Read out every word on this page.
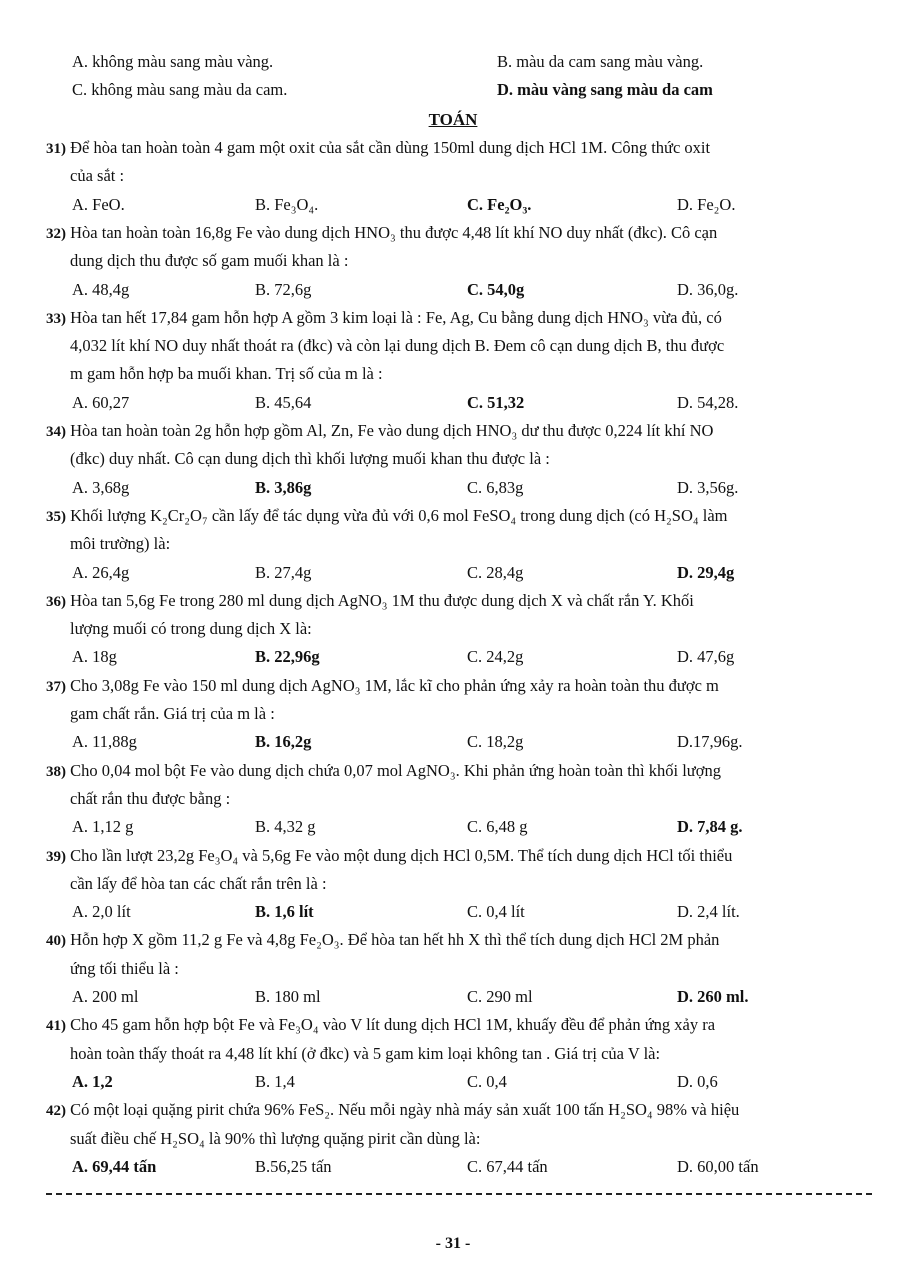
A. không màu sang màu vàng.	B. màu da cam sang màu vàng.
C. không màu sang màu da cam.	D. màu vàng sang màu da cam
TOÁN
31) Để hòa tan hoàn toàn 4 gam một oxit của sắt cần dùng 150ml dung dịch HCl 1M. Công thức oxit
của sắt :
A. FeO.	B. Fe₃O₄.	C. Fe₂O₃.	D. Fe₂O.
32) Hòa tan hoàn toàn 16,8g Fe vào dung dịch HNO₃ thu được 4,48 lít khí NO duy nhất (đkc). Cô cạn
dung dịch thu được số gam muối khan là :
A. 48,4g	B. 72,6g	C. 54,0g	D. 36,0g.
33) Hòa tan hết 17,84 gam hỗn hợp A gồm 3 kim loại là : Fe, Ag, Cu bằng dung dịch HNO₃ vừa đủ, có
4,032 lít khí NO duy nhất thoát ra (đkc) và còn lại dung dịch B. Đem cô cạn dung dịch B, thu được
m gam hỗn hợp ba muối khan. Trị số của m là :
A. 60,27	B. 45,64	C. 51,32	D. 54,28.
34) Hòa tan hoàn toàn 2g hỗn hợp gồm Al, Zn, Fe vào dung dịch HNO₃ dư thu được 0,224 lít khí NO
(đkc) duy nhất. Cô cạn dung dịch thì khối lượng muối khan thu được là :
A. 3,68g	B. 3,86g	C. 6,83g	D. 3,56g.
35) Khối lượng K₂Cr₂O₇ cần lấy để tác dụng vừa đủ với 0,6 mol FeSO₄ trong dung dịch (có H₂SO₄ làm
môi trường) là:
A. 26,4g	B. 27,4g	C. 28,4g	D. 29,4g
36) Hòa tan 5,6g Fe trong 280 ml dung dịch AgNO₃ 1M thu được dung dịch X và chất rắn Y. Khối
lượng muối có trong dung dịch X là:
A. 18g	B. 22,96g	C. 24,2g	D. 47,6g
37) Cho 3,08g Fe vào 150 ml dung dịch AgNO₃ 1M, lắc kĩ cho phản ứng xảy ra hoàn toàn thu được m
gam chất rắn. Giá trị của m là :
A. 11,88g	B. 16,2g	C. 18,2g	D.17,96g.
38) Cho 0,04 mol bột Fe vào dung dịch chứa 0,07 mol AgNO₃. Khi phản ứng hoàn toàn thì khối lượng
chất rắn thu được bằng :
A. 1,12 g	B. 4,32 g	C. 6,48 g	D. 7,84 g.
39) Cho lần lượt 23,2g Fe₃O₄ và 5,6g Fe vào một dung dịch HCl 0,5M. Thể tích dung dịch HCl tối thiểu
cần lấy để hòa tan các chất rắn trên là :
A. 2,0 lít	B. 1,6 lít	C. 0,4 lít	D. 2,4 lít.
40) Hỗn hợp X gồm 11,2 g Fe và 4,8g Fe₂O₃. Để hòa tan hết hh X thì thể tích dung dịch HCl 2M phản
ứng tối thiểu là :
A. 200 ml	B. 180 ml	C. 290 ml	D. 260 ml.
41) Cho 45 gam hỗn hợp bột Fe và Fe₃O₄ vào V lít dung dịch HCl 1M, khuấy đều để phản ứng xảy ra
hoàn toàn thấy thoát ra 4,48 lít khí (ở đkc) và 5 gam kim loại không tan . Giá trị của V là:
A. 1,2	B. 1,4	C. 0,4	D. 0,6
42) Có một loại quặng pirit chứa 96% FeS₂. Nếu mỗi ngày nhà máy sản xuất 100 tấn H₂SO₄ 98% và hiệu
suất điều chế H₂SO₄ là 90% thì lượng quặng pirit cần dùng là:
A. 69,44 tấn	B.56,25 tấn	C. 67,44 tấn	D. 60,00 tấn
- 31 -
